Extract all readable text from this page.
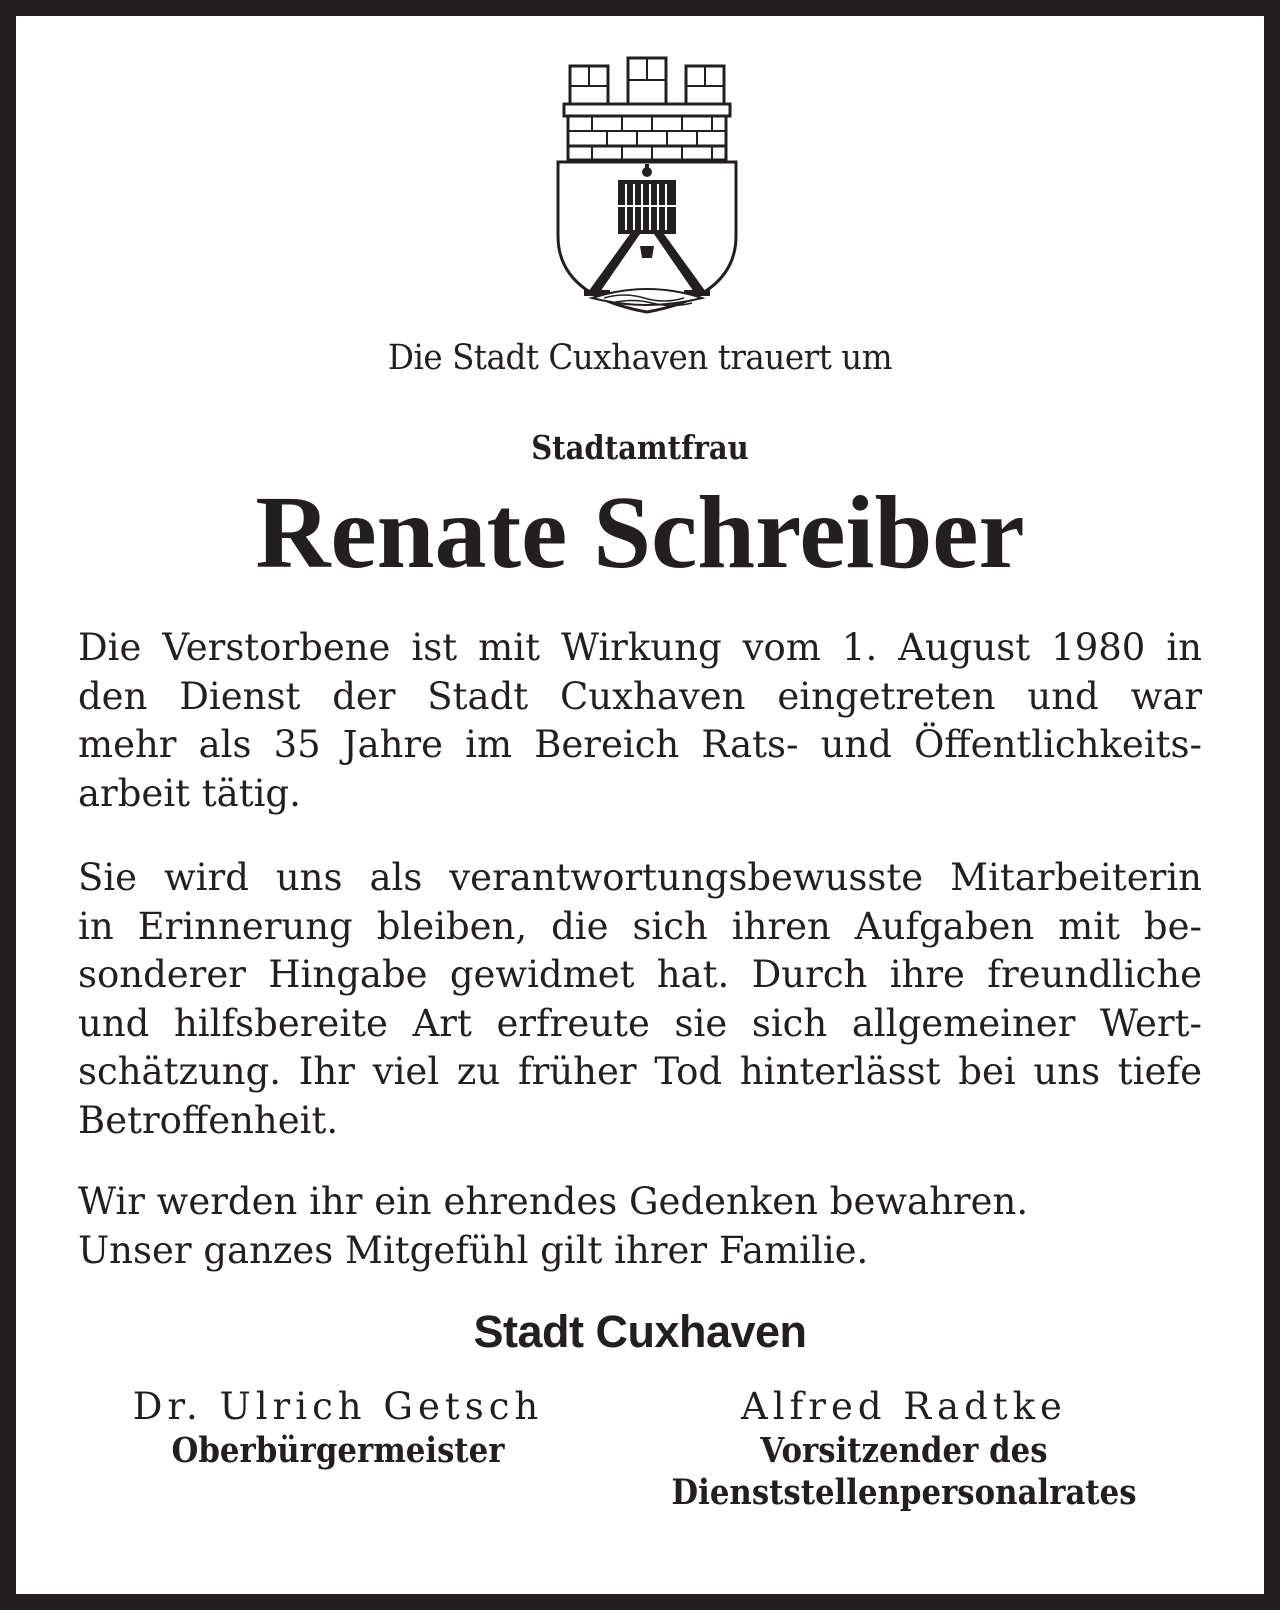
Die Stadt Cuxhaven trauert um
Stadtamtfrau
Renate Schreiber
Die Verstorbene ist mit Wirkung vom 1. August 1980 in
den Dienst der Stadt Cuxhaven eingetreten und war
mehr als 35 Jahre im Bereich Rats- und Öffentlichkeits-
arbeit tätig.
Sie wird uns als verantwortungsbewusste Mitarbeiterin
in Erinnerung bleiben, die sich ihren Aufgaben mit be-
sonderer Hingabe gewidmet hat. Durch ihre freundliche
und hilfsbereite Art erfreute sie sich allgemeiner Wert-
schätzung. Ihr viel zu früher Tod hinterlässt bei uns tiefe
Betroffenheit.
Wir werden ihr ein ehrendes Gedenken bewahren.
Unser ganzes Mitgefühl gilt ihrer Familie.
Stadt Cuxhaven
Dr. Ulrich Getsch
Oberbürgermeister
Alfred Radtke
Vorsitzender des
Dienststellenpersonalrates
